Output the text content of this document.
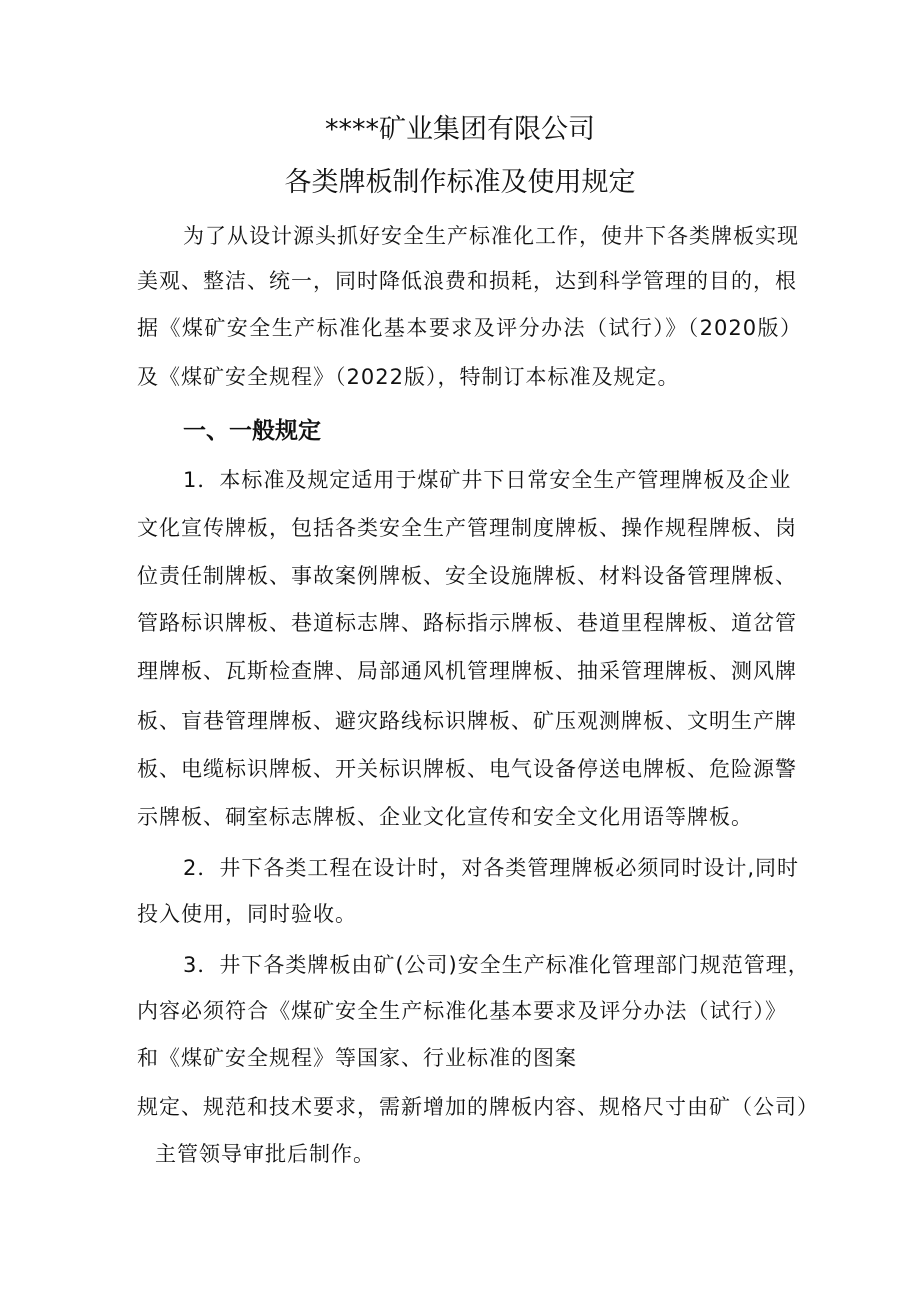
****矿业集团有限公司
各类牌板制作标准及使用规定
为了从设计源头抓好安全生产标准化工作，使井下各类牌板实现
美观、整洁、统一，同时降低浪费和损耗，达到科学管理的目的，根
据《煤矿安全生产标准化基本要求及评分办法（试行）》（2020版）
及《煤矿安全规程》（2022版），特制订本标准及规定。
一、一般规定
1．本标准及规定适用于煤矿井下日常安全生产管理牌板及企业
文化宣传牌板，包括各类安全生产管理制度牌板、操作规程牌板、岗
位责任制牌板、事故案例牌板、安全设施牌板、材料设备管理牌板、
管路标识牌板、巷道标志牌、路标指示牌板、巷道里程牌板、道岔管
理牌板、瓦斯检查牌、局部通风机管理牌板、抽采管理牌板、测风牌
板、盲巷管理牌板、避灾路线标识牌板、矿压观测牌板、文明生产牌
板、电缆标识牌板、开关标识牌板、电气设备停送电牌板、危险源警
示牌板、硐室标志牌板、企业文化宣传和安全文化用语等牌板。
2．井下各类工程在设计时，对各类管理牌板必须同时设计,同时
投入使用，同时验收。
3．井下各类牌板由矿(公司)安全生产标准化管理部门规范管理，
内容必须符合《煤矿安全生产标准化基本要求及评分办法（试行）》
和《煤矿安全规程》等国家、行业标准的图案
规定、规范和技术要求，需新增加的牌板内容、规格尺寸由矿（公司）
主管领导审批后制作。
